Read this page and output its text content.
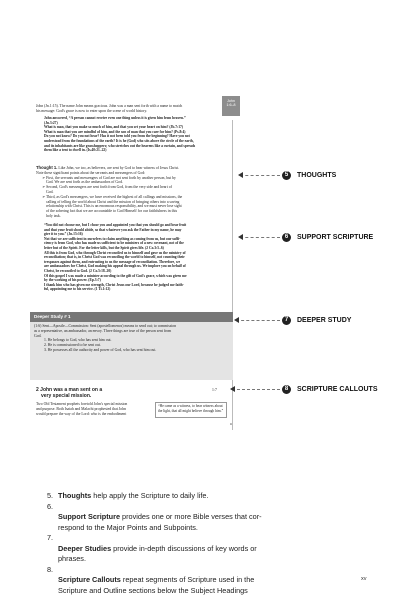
John
1:6–8
John (Jn.1:15). The name John means gracious. John was a man sent forth with a name to match
his message: God's grace is now to enter upon the scene of world history.
John answered, “A person cannot receive even one thing unless it is given him from heaven.”
(Jn.3:27)
What is man, that you make so much of him, and that you set your heart on him? (Jb.7:17)
What is man that you are mindful of him, and the son of man that you care for him? (Ps.8:4)
Do you not know? Do you not hear? Has it not been told you from the beginning? Have you not
understood from the foundations of the earth? It is he (God) who sits above the circle of the earth,
and its inhabitants are like grasshoppers; who stretches out the heavens like a curtain, and spreads
them like a tent to dwell in. (Is.40:21–22)
Thought 1. Like John, we too, as believers, are sent by God to bear witness of Jesus Christ.
Note these significant points about the servants and messengers of God:
➢ First, the servants and messengers of God are not sent forth by another person, but by
God. We are sent forth as the ambassadors of God.
➢ Second, God's messengers are sent forth from God, from the very side and heart of
God.
➢ Third, as God's messengers, we have received the highest of all callings and missions, the
calling of telling the world about Christ and the mission of bringing others into a saving
relationship with Christ. This is an enormous responsibility, and we must never lose sight
of the sobering fact that we are accountable to God Himself for our faithfulness in this
holy task.
“You did not choose me, but I chose you and appointed you that you should go and bear fruit
and that your fruit should abide, so that whatever you ask the Father in my name, he may
give it to you.” (Jn.15:16)
Not that we are sufficient in ourselves to claim anything as coming from us, but our suffi-
ciency is from God, who has made us sufficient to be ministers of a new covenant, not of the
letter but of the Spirit. For the letter kills, but the Spirit gives life. (2 Co.3:5–6)
All this is from God, who through Christ reconciled us to himself and gave us the ministry of
reconciliation; that is, in Christ God was reconciling the world to himself, not counting their
trespasses against them, and entrusting to us the message of reconciliation. Therefore, we
are ambassadors for Christ, God making his appeal through us. We implore you on behalf of
Christ, be reconciled to God. (2 Co.5:18–20)
Of this gospel I was made a minister according to the gift of God's grace, which was given me
by the working of his power. (Ep.3:7)
I thank him who has given me strength, Christ Jesus our Lord, because he judged me faith-
ful, appointing me to his service. (1 Ti.1:12)
Deeper Study # 1
(1:6) Sent—Apostle—Commission: Sent (apostellomenos) means to send out; to commission
as a representative, an ambassador, an envoy. Three things are true of the person sent from
God.
1. He belongs to God, who has sent him out.
2. He is commissioned to be sent out.
3. He possesses all the authority and power of God, who has sent him out.
2 John was a man sent on a
very special mission.
1:7
Two Old Testament prophets foretold John's special mission
and purpose. Both Isaiah and Malachi prophesied that John
would prepare the way of the Lord: who is the embodiment
“He came as a witness, to bear witness about the light, that all might believe through him.”
a
5	THOUGHTS
6	SUPPORT SCRIPTURE
7	DEEPER STUDY
8	SCRIPTURE CALLOUTS
5. Thoughts help apply the Scripture to daily life.

6.
Support Scripture provides one or more Bible verses that cor-
respond to the Major Points and Subpoints.

7.
Deeper Studies provide in-depth discussions of key words or
phrases.

8.
Scripture Callouts repeat segments of Scripture used in the
Scripture and Outline sections below the Subject Headings

xv
